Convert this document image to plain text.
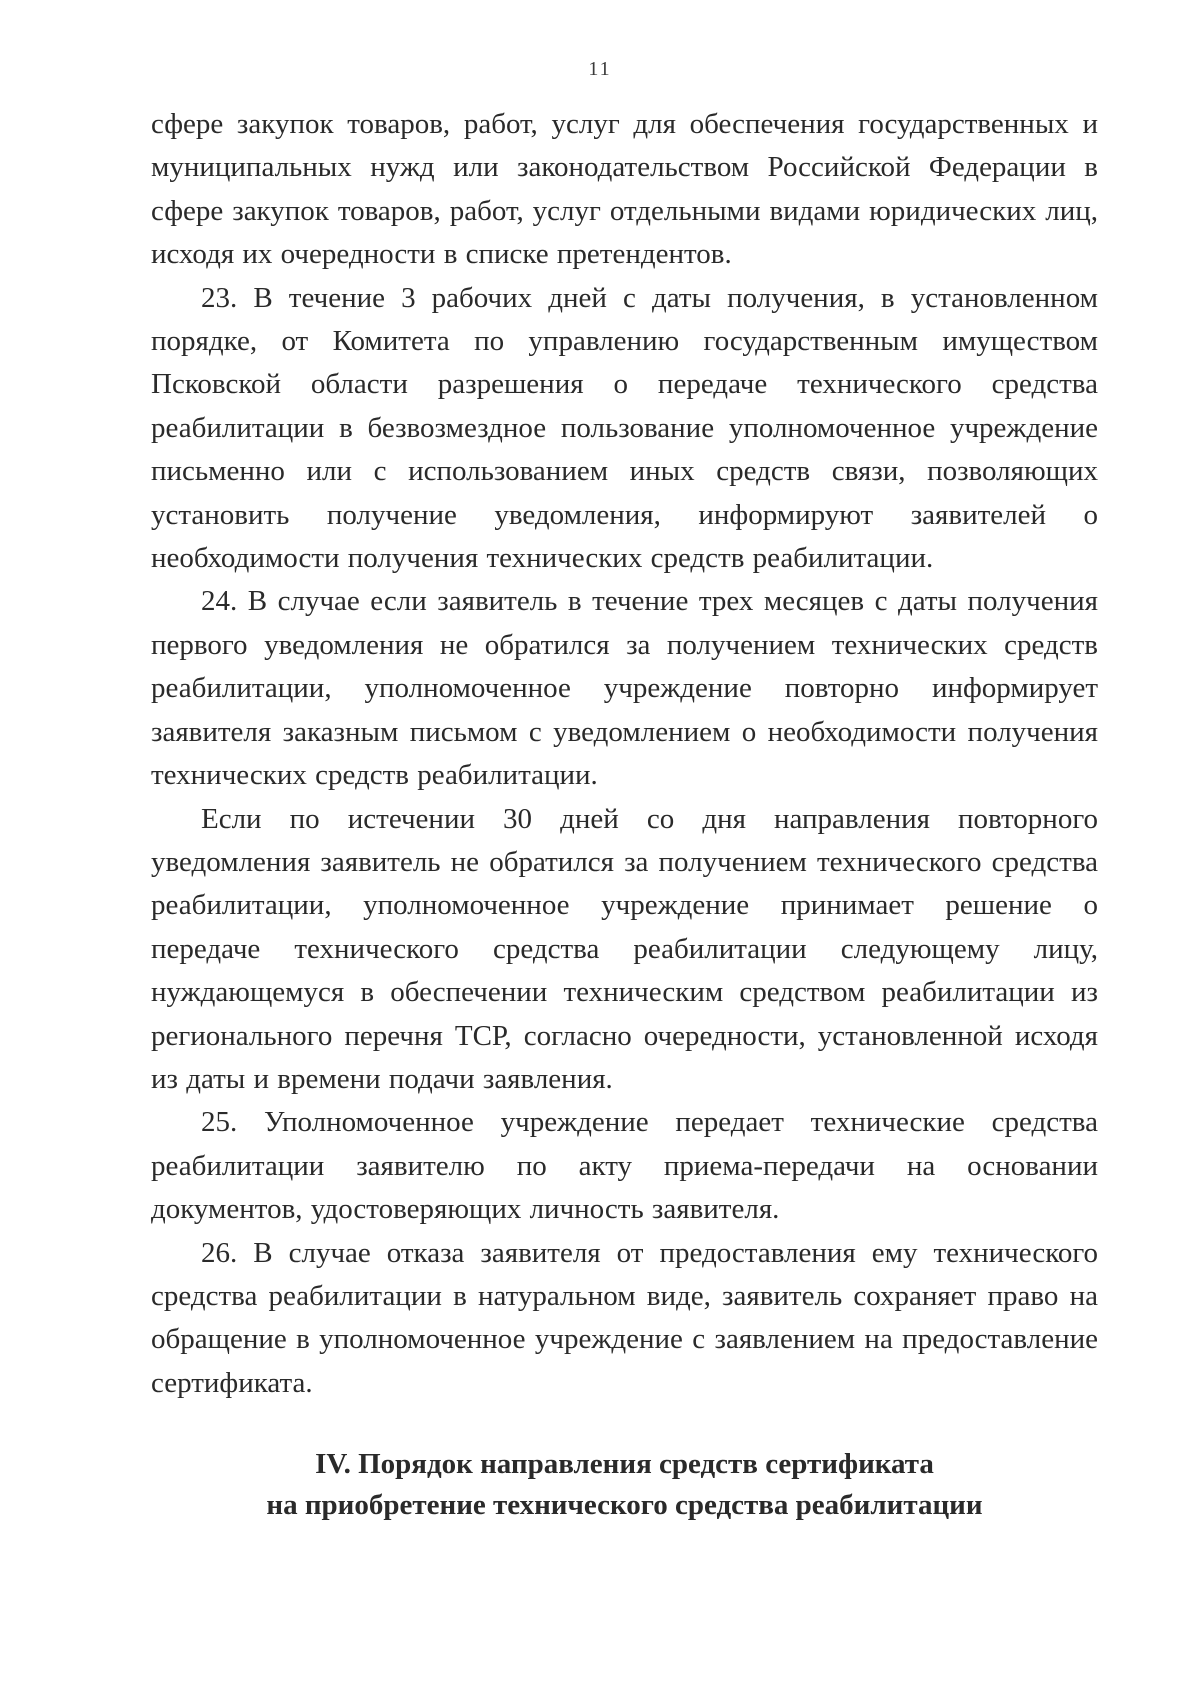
11

сфере закупок товаров, работ, услуг для обеспечения государственных и муниципальных нужд или законодательством Российской Федерации в сфере закупок товаров, работ, услуг отдельными видами юридических лиц, исходя их очередности в списке претендентов.

23. В течение 3 рабочих дней с даты получения, в установленном порядке, от Комитета по управлению государственным имуществом Псковской области разрешения о передаче технического средства реабилитации в безвозмездное пользование уполномоченное учреждение письменно или с использованием иных средств связи, позволяющих установить получение уведомления, информируют заявителей о необходимости получения технических средств реабилитации.

24. В случае если заявитель в течение трех месяцев с даты получения первого уведомления не обратился за получением технических средств реабилитации, уполномоченное учреждение повторно информирует заявителя заказным письмом с уведомлением о необходимости получения технических средств реабилитации.

Если по истечении 30 дней со дня направления повторного уведомления заявитель не обратился за получением технического средства реабилитации, уполномоченное учреждение принимает решение о передаче технического средства реабилитации следующему лицу, нуждающемуся в обеспечении техническим средством реабилитации из регионального перечня ТСР, согласно очередности, установленной исходя из даты и времени подачи заявления.

25. Уполномоченное учреждение передает технические средства реабилитации заявителю по акту приема-передачи на основании документов, удостоверяющих личность заявителя.

26. В случае отказа заявителя от предоставления ему технического средства реабилитации в натуральном виде, заявитель сохраняет право на обращение в уполномоченное учреждение с заявлением на предоставление сертификата.

IV. Порядок направления средств сертификата
на приобретение технического средства реабилитации
